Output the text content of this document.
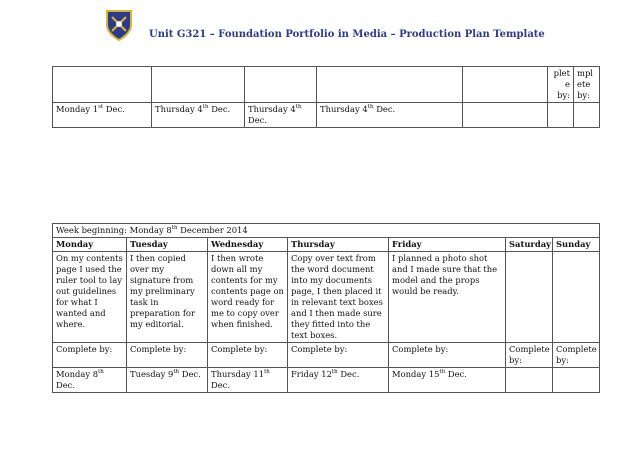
Unit G321 – Foundation Portfolio in Media – Production Plan Template
					plet e by:	mpl ete by:
Monday 1st Dec.	Thursday 4th Dec.	Thursday 4th Dec.	Thursday 4th Dec.			
Week beginning: Monday 8th December 2014						
Monday	Tuesday	Wednesday	Thursday	Friday	Saturday	Sunday
On my contents page I used the ruler tool to lay out guidelines for what I wanted and where.	I then copied over my signature from my preliminary task in preparation for my editorial.	I then wrote down all my contents for my contents page on word ready for me to copy over when finished.	Copy over text from the word document into my documents page, I then placed it in relevant text boxes and I then made sure they fitted into the text boxes.	I planned a photo shot and I made sure that the model and the props would be ready.		
Complete by:	Complete by:	Complete by:	Complete by:	Complete by:	Complete by:	Complete by:
Monday 8th Dec.	Tuesday 9th Dec.	Thursday 11th Dec.	Friday 12th Dec.	Monday 15th Dec.		
